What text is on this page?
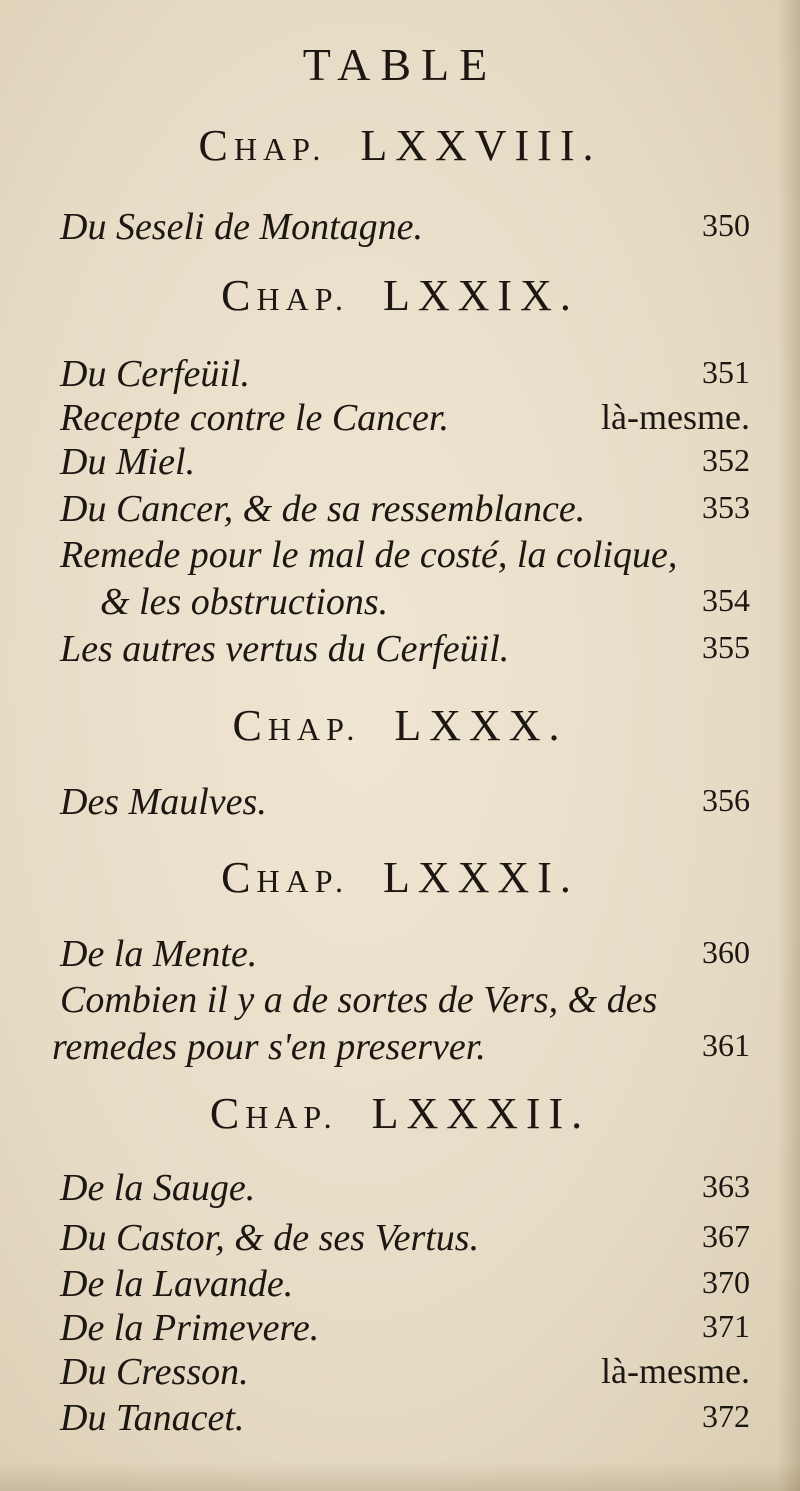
TABLE
CHAP. LXXVIII.
Du Seseli de Montagne.	350
CHAP. LXXIX.
Du Cerfeüil.	351
Recepte contre le Cancer.	là-mesme.
Du Miel.	352
Du Cancer, & de sa ressemblance.	353
Remede pour le mal de costé, la colique,
& les obstructions.	354
Les autres vertus du Cerfeüil.	355
CHAP. LXXX.
Des Maulves.	356
CHAP. LXXXI.
De la Mente.	360
Combien il y a de sortes de Vers, & des
remedes pour s'en preserver.	361
CHAP. LXXXII.
De la Sauge.	363
Du Castor, & de ses Vertus.	367
De la Lavande.	370
De la Primevere.	371
Du Cresson.	là-mesme.
Du Tanacet.	372
